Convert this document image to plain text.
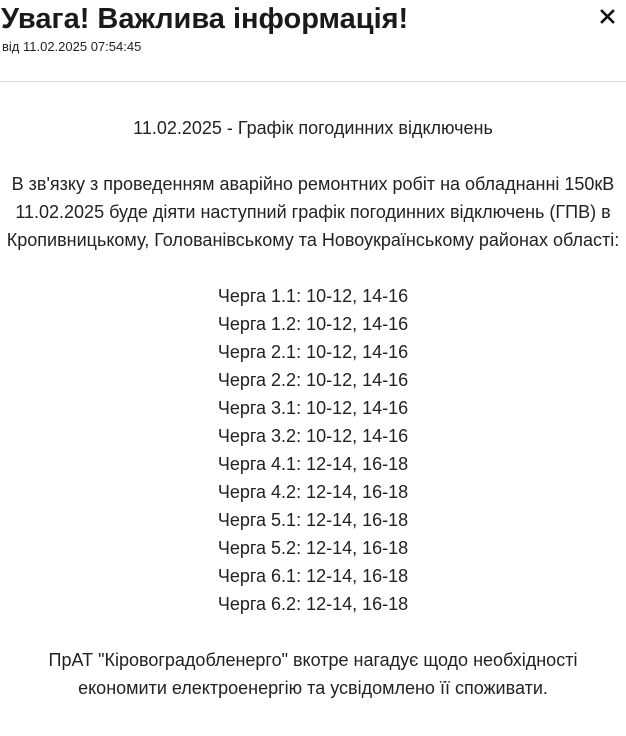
Увага! Важлива інформація!
від 11.02.2025 07:54:45

11.02.2025 - Графік погодинних відключень

В зв'язку з проведенням аварійно ремонтних робіт на обладнанні 150кВ 11.02.2025 буде діяти наступний графік погодинних відключень (ГПВ) в Кропивницькому, Голованівському та Новоукраїнському районах області:

Черга 1.1: 10-12, 14-16
Черга 1.2: 10-12, 14-16
Черга 2.1: 10-12, 14-16
Черга 2.2: 10-12, 14-16
Черга 3.1: 10-12, 14-16
Черга 3.2: 10-12, 14-16
Черга 4.1: 12-14, 16-18
Черга 4.2: 12-14, 16-18
Черга 5.1: 12-14, 16-18
Черга 5.2: 12-14, 16-18
Черга 6.1: 12-14, 16-18
Черга 6.2: 12-14, 16-18

ПрАТ "Кіровоградобленерго" вкотре нагадує щодо необхідності економити електроенергію та усвідомлено її споживати.
